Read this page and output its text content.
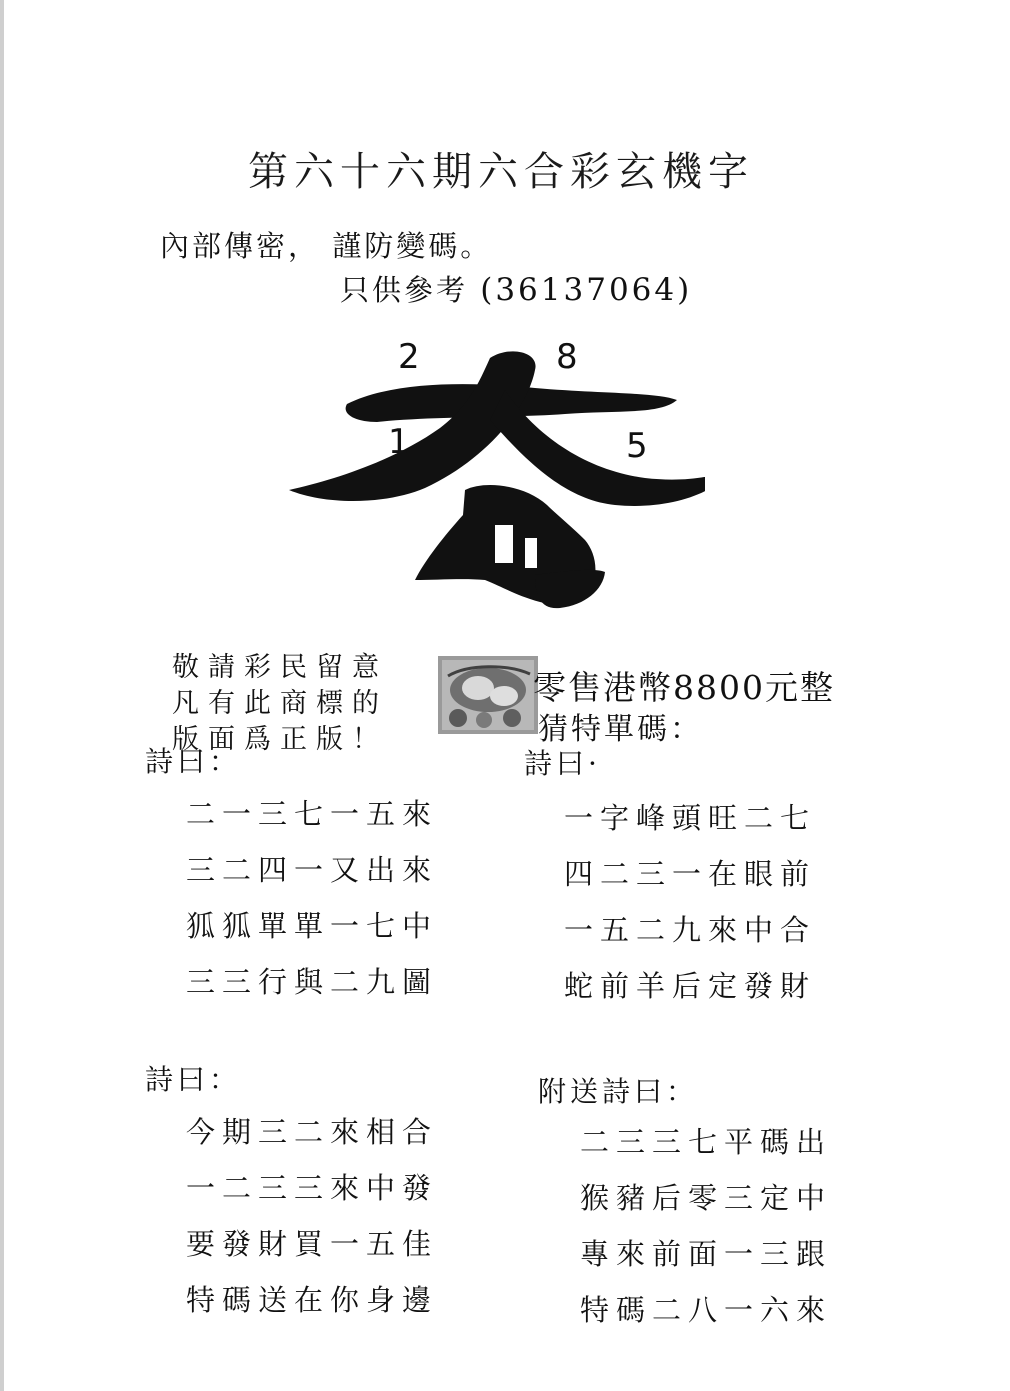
第六十六期六合彩玄機字
內部傳密， 謹防變碼。
只供參考 (36137064)
2	8
1	5
敬請彩民留意
凡有此商標的
版面爲正版！
零售港幣8800元整
猜特單碼：
詩曰：
二一三七一五來
三二四一又出來
狐狐單單一七中
三三行與二九圖
詩曰·
一字峰頭旺二七
四二三一在眼前
一五二九來中合
蛇前羊后定發財
詩曰：
今期三二來相合
一二三三來中發
要發財買一五佳
特碼送在你身邊
附送詩曰：
二三三七平碼出
猴豬后零三定中
專來前面一三跟
特碼二八一六來
